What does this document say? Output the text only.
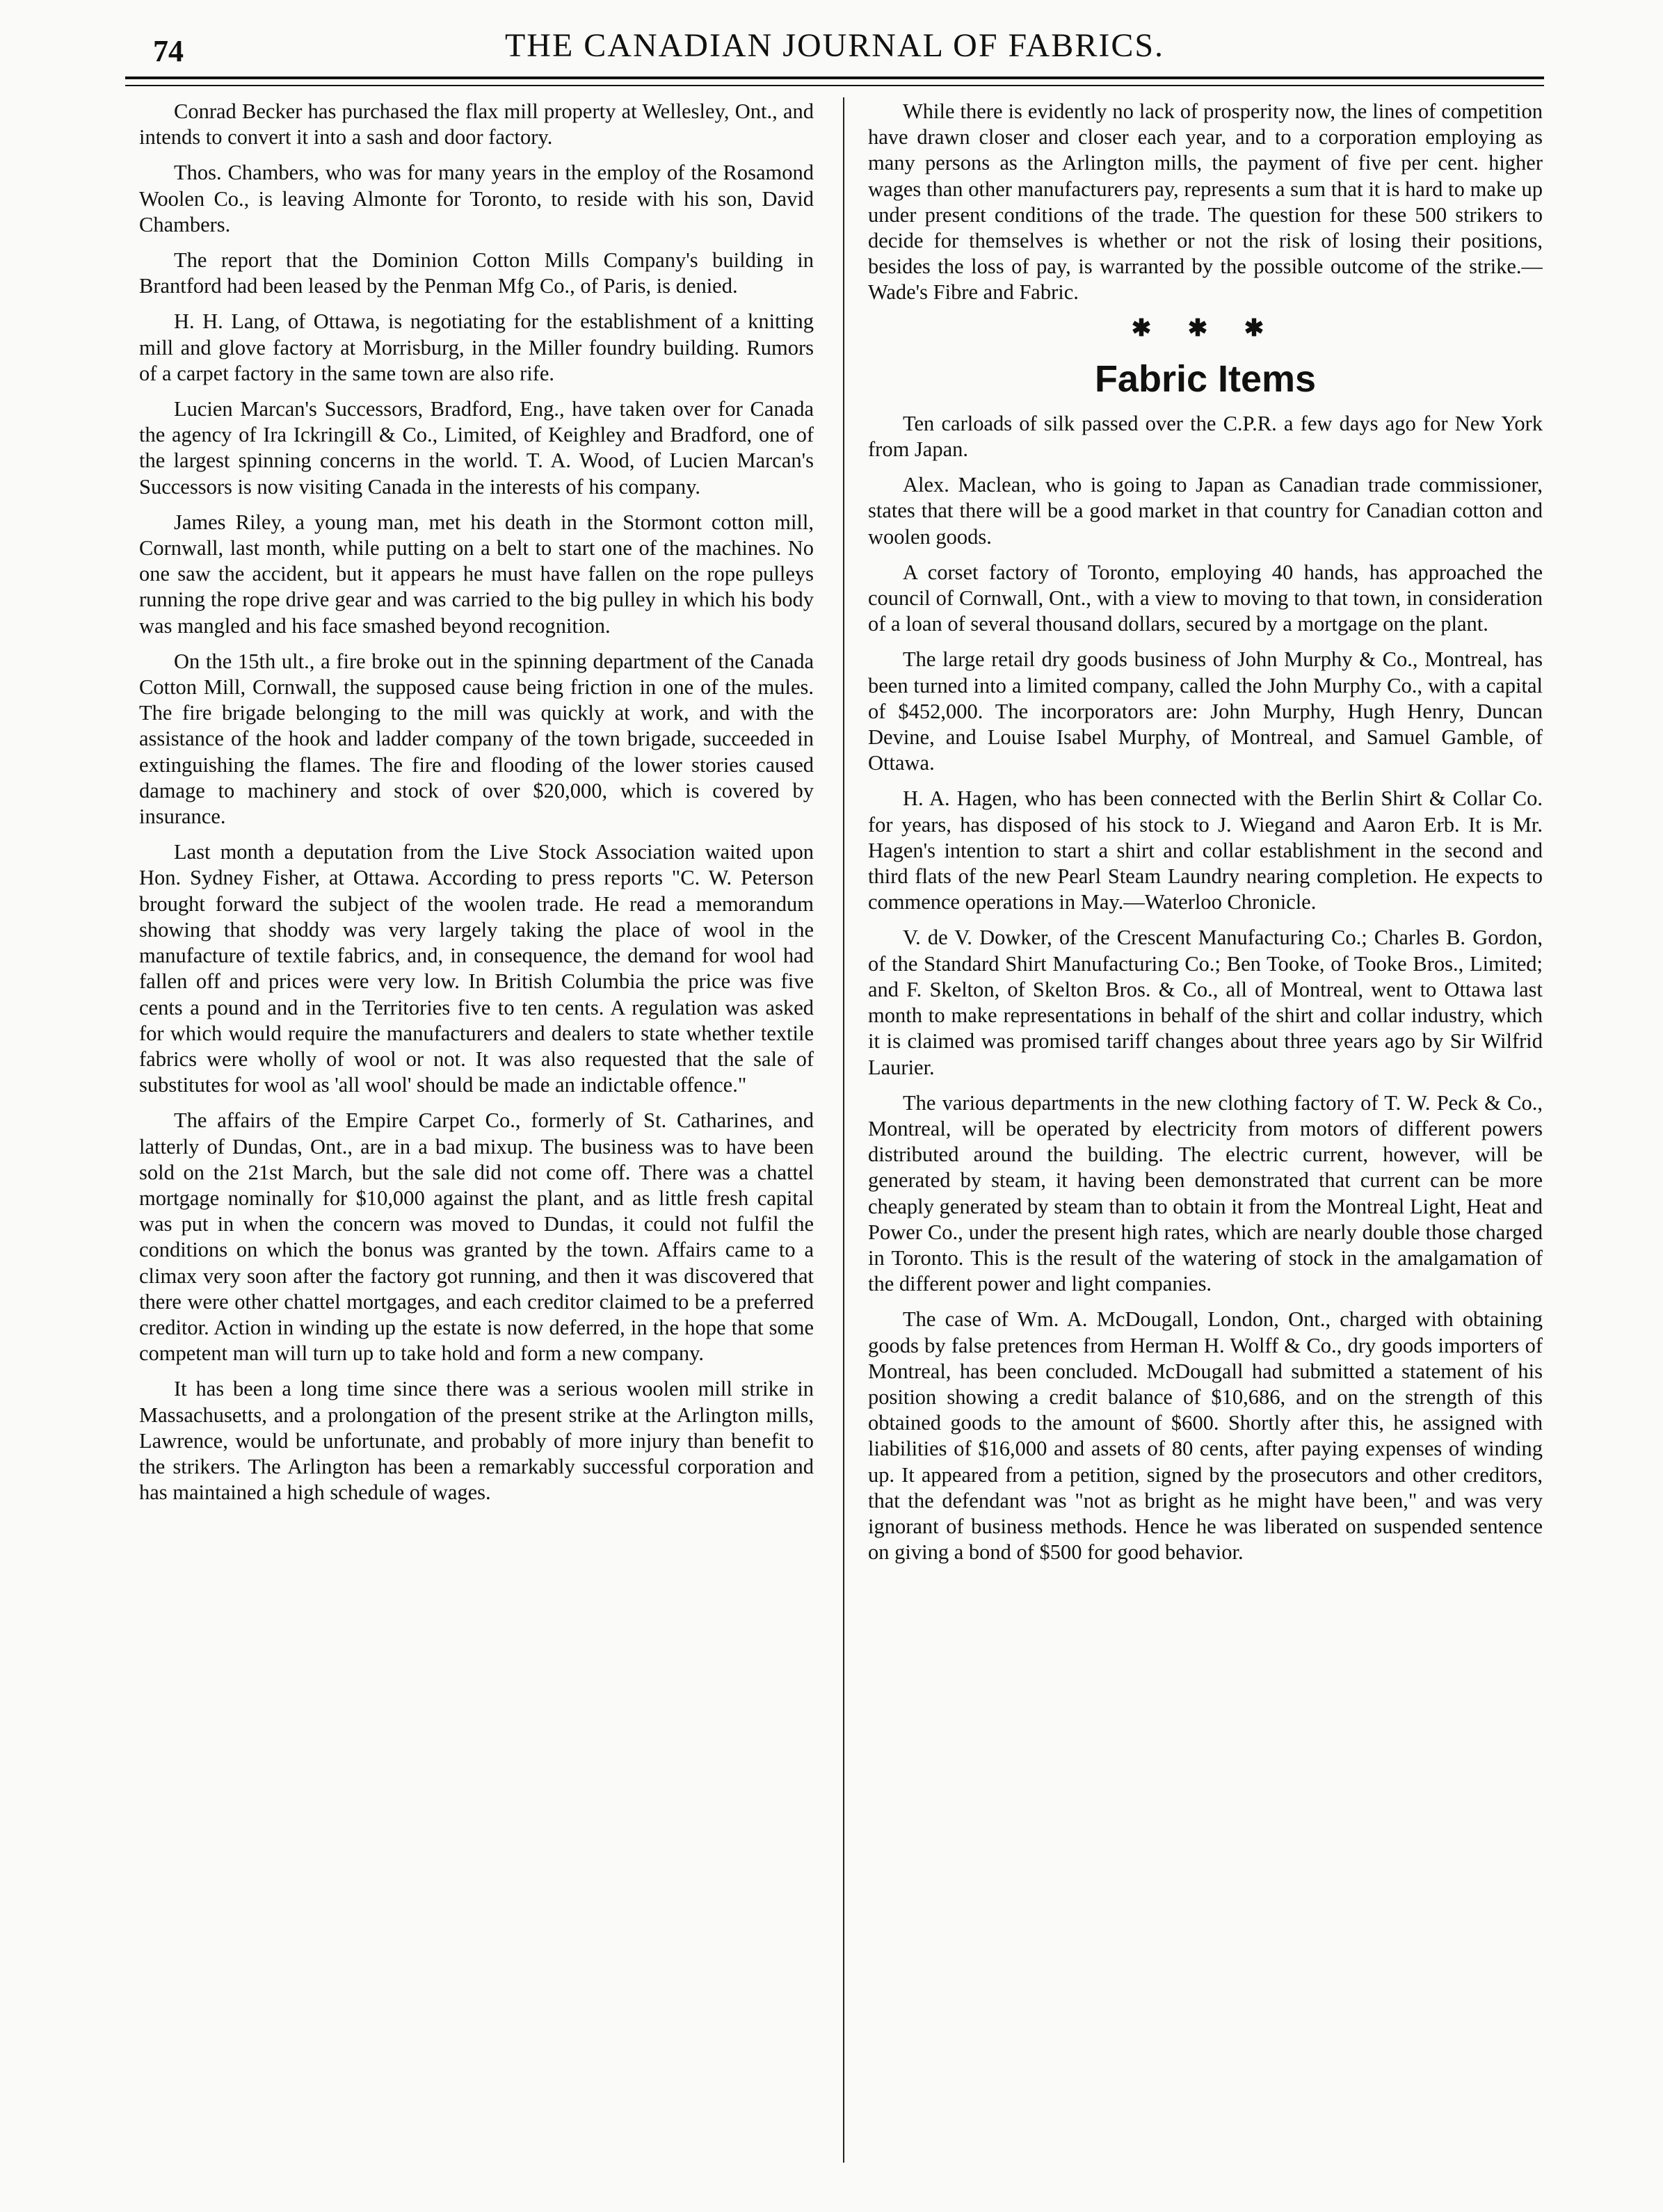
74	THE CANADIAN JOURNAL OF FABRICS.

Conrad Becker has purchased the flax mill property at Wellesley, Ont., and intends to convert it into a sash and door factory.

Thos. Chambers, who was for many years in the employ of the Rosamond Woolen Co., is leaving Almonte for Toronto, to reside with his son, David Chambers.

The report that the Dominion Cotton Mills Company's building in Brantford had been leased by the Penman Mfg Co., of Paris, is denied.

H. H. Lang, of Ottawa, is negotiating for the establishment of a knitting mill and glove factory at Morrisburg, in the Miller foundry building. Rumors of a carpet factory in the same town are also rife.

Lucien Marcan's Successors, Bradford, Eng., have taken over for Canada the agency of Ira Ickringill & Co., Limited, of Keighley and Bradford, one of the largest spinning concerns in the world. T. A. Wood, of Lucien Marcan's Successors is now visiting Canada in the interests of his company.

James Riley, a young man, met his death in the Stormont cotton mill, Cornwall, last month, while putting on a belt to start one of the machines. No one saw the accident, but it appears he must have fallen on the rope pulleys running the rope drive gear and was carried to the big pulley in which his body was mangled and his face smashed beyond recognition.

On the 15th ult., a fire broke out in the spinning department of the Canada Cotton Mill, Cornwall, the supposed cause being friction in one of the mules. The fire brigade belonging to the mill was quickly at work, and with the assistance of the hook and ladder company of the town brigade, succeeded in extinguishing the flames. The fire and flooding of the lower stories caused damage to machinery and stock of over $20,000, which is covered by insurance.

Last month a deputation from the Live Stock Association waited upon Hon. Sydney Fisher, at Ottawa. According to press reports "C. W. Peterson brought forward the subject of the woolen trade. He read a memorandum showing that shoddy was very largely taking the place of wool in the manufacture of textile fabrics, and, in consequence, the demand for wool had fallen off and prices were very low. In British Columbia the price was five cents a pound and in the Territories five to ten cents. A regulation was asked for which would require the manufacturers and dealers to state whether textile fabrics were wholly of wool or not. It was also requested that the sale of substitutes for wool as 'all wool' should be made an indictable offence."

The affairs of the Empire Carpet Co., formerly of St. Catharines, and latterly of Dundas, Ont., are in a bad mixup. The business was to have been sold on the 21st March, but the sale did not come off. There was a chattel mortgage nominally for $10,000 against the plant, and as little fresh capital was put in when the concern was moved to Dundas, it could not fulfil the conditions on which the bonus was granted by the town. Affairs came to a climax very soon after the factory got running, and then it was discovered that there were other chattel mortgages, and each creditor claimed to be a preferred creditor. Action in winding up the estate is now deferred, in the hope that some competent man will turn up to take hold and form a new company.

It has been a long time since there was a serious woolen mill strike in Massachusetts, and a prolongation of the present strike at the Arlington mills, Lawrence, would be unfortunate, and probably of more injury than benefit to the strikers. The Arlington has been a remarkably successful corporation and has maintained a high schedule of wages.

While there is evidently no lack of prosperity now, the lines of competition have drawn closer and closer each year, and to a corporation employing as many persons as the Arlington mills, the payment of five per cent. higher wages than other manufacturers pay, represents a sum that it is hard to make up under present conditions of the trade. The question for these 500 strikers to decide for themselves is whether or not the risk of losing their positions, besides the loss of pay, is warranted by the possible outcome of the strike.—Wade's Fibre and Fabric.

✱ ✱ ✱
Fabric Items

Ten carloads of silk passed over the C.P.R. a few days ago for New York from Japan.

Alex. Maclean, who is going to Japan as Canadian trade commissioner, states that there will be a good market in that country for Canadian cotton and woolen goods.

A corset factory of Toronto, employing 40 hands, has approached the council of Cornwall, Ont., with a view to moving to that town, in consideration of a loan of several thousand dollars, secured by a mortgage on the plant.

The large retail dry goods business of John Murphy & Co., Montreal, has been turned into a limited company, called the John Murphy Co., with a capital of $452,000. The incorporators are: John Murphy, Hugh Henry, Duncan Devine, and Louise Isabel Murphy, of Montreal, and Samuel Gamble, of Ottawa.

H. A. Hagen, who has been connected with the Berlin Shirt & Collar Co. for years, has disposed of his stock to J. Wiegand and Aaron Erb. It is Mr. Hagen's intention to start a shirt and collar establishment in the second and third flats of the new Pearl Steam Laundry nearing completion. He expects to commence operations in May.—Waterloo Chronicle.

V. de V. Dowker, of the Crescent Manufacturing Co.; Charles B. Gordon, of the Standard Shirt Manufacturing Co.; Ben Tooke, of Tooke Bros., Limited; and F. Skelton, of Skelton Bros. & Co., all of Montreal, went to Ottawa last month to make representations in behalf of the shirt and collar industry, which it is claimed was promised tariff changes about three years ago by Sir Wilfrid Laurier.

The various departments in the new clothing factory of T. W. Peck & Co., Montreal, will be operated by electricity from motors of different powers distributed around the building. The electric current, however, will be generated by steam, it having been demonstrated that current can be more cheaply generated by steam than to obtain it from the Montreal Light, Heat and Power Co., under the present high rates, which are nearly double those charged in Toronto. This is the result of the watering of stock in the amalgamation of the different power and light companies.

The case of Wm. A. McDougall, London, Ont., charged with obtaining goods by false pretences from Herman H. Wolff & Co., dry goods importers of Montreal, has been concluded. McDougall had submitted a statement of his position showing a credit balance of $10,686, and on the strength of this obtained goods to the amount of $600. Shortly after this, he assigned with liabilities of $16,000 and assets of 80 cents, after paying expenses of winding up. It appeared from a petition, signed by the prosecutors and other creditors, that the defendant was "not as bright as he might have been," and was very ignorant of business methods. Hence he was liberated on suspended sentence on giving a bond of $500 for good behavior.
